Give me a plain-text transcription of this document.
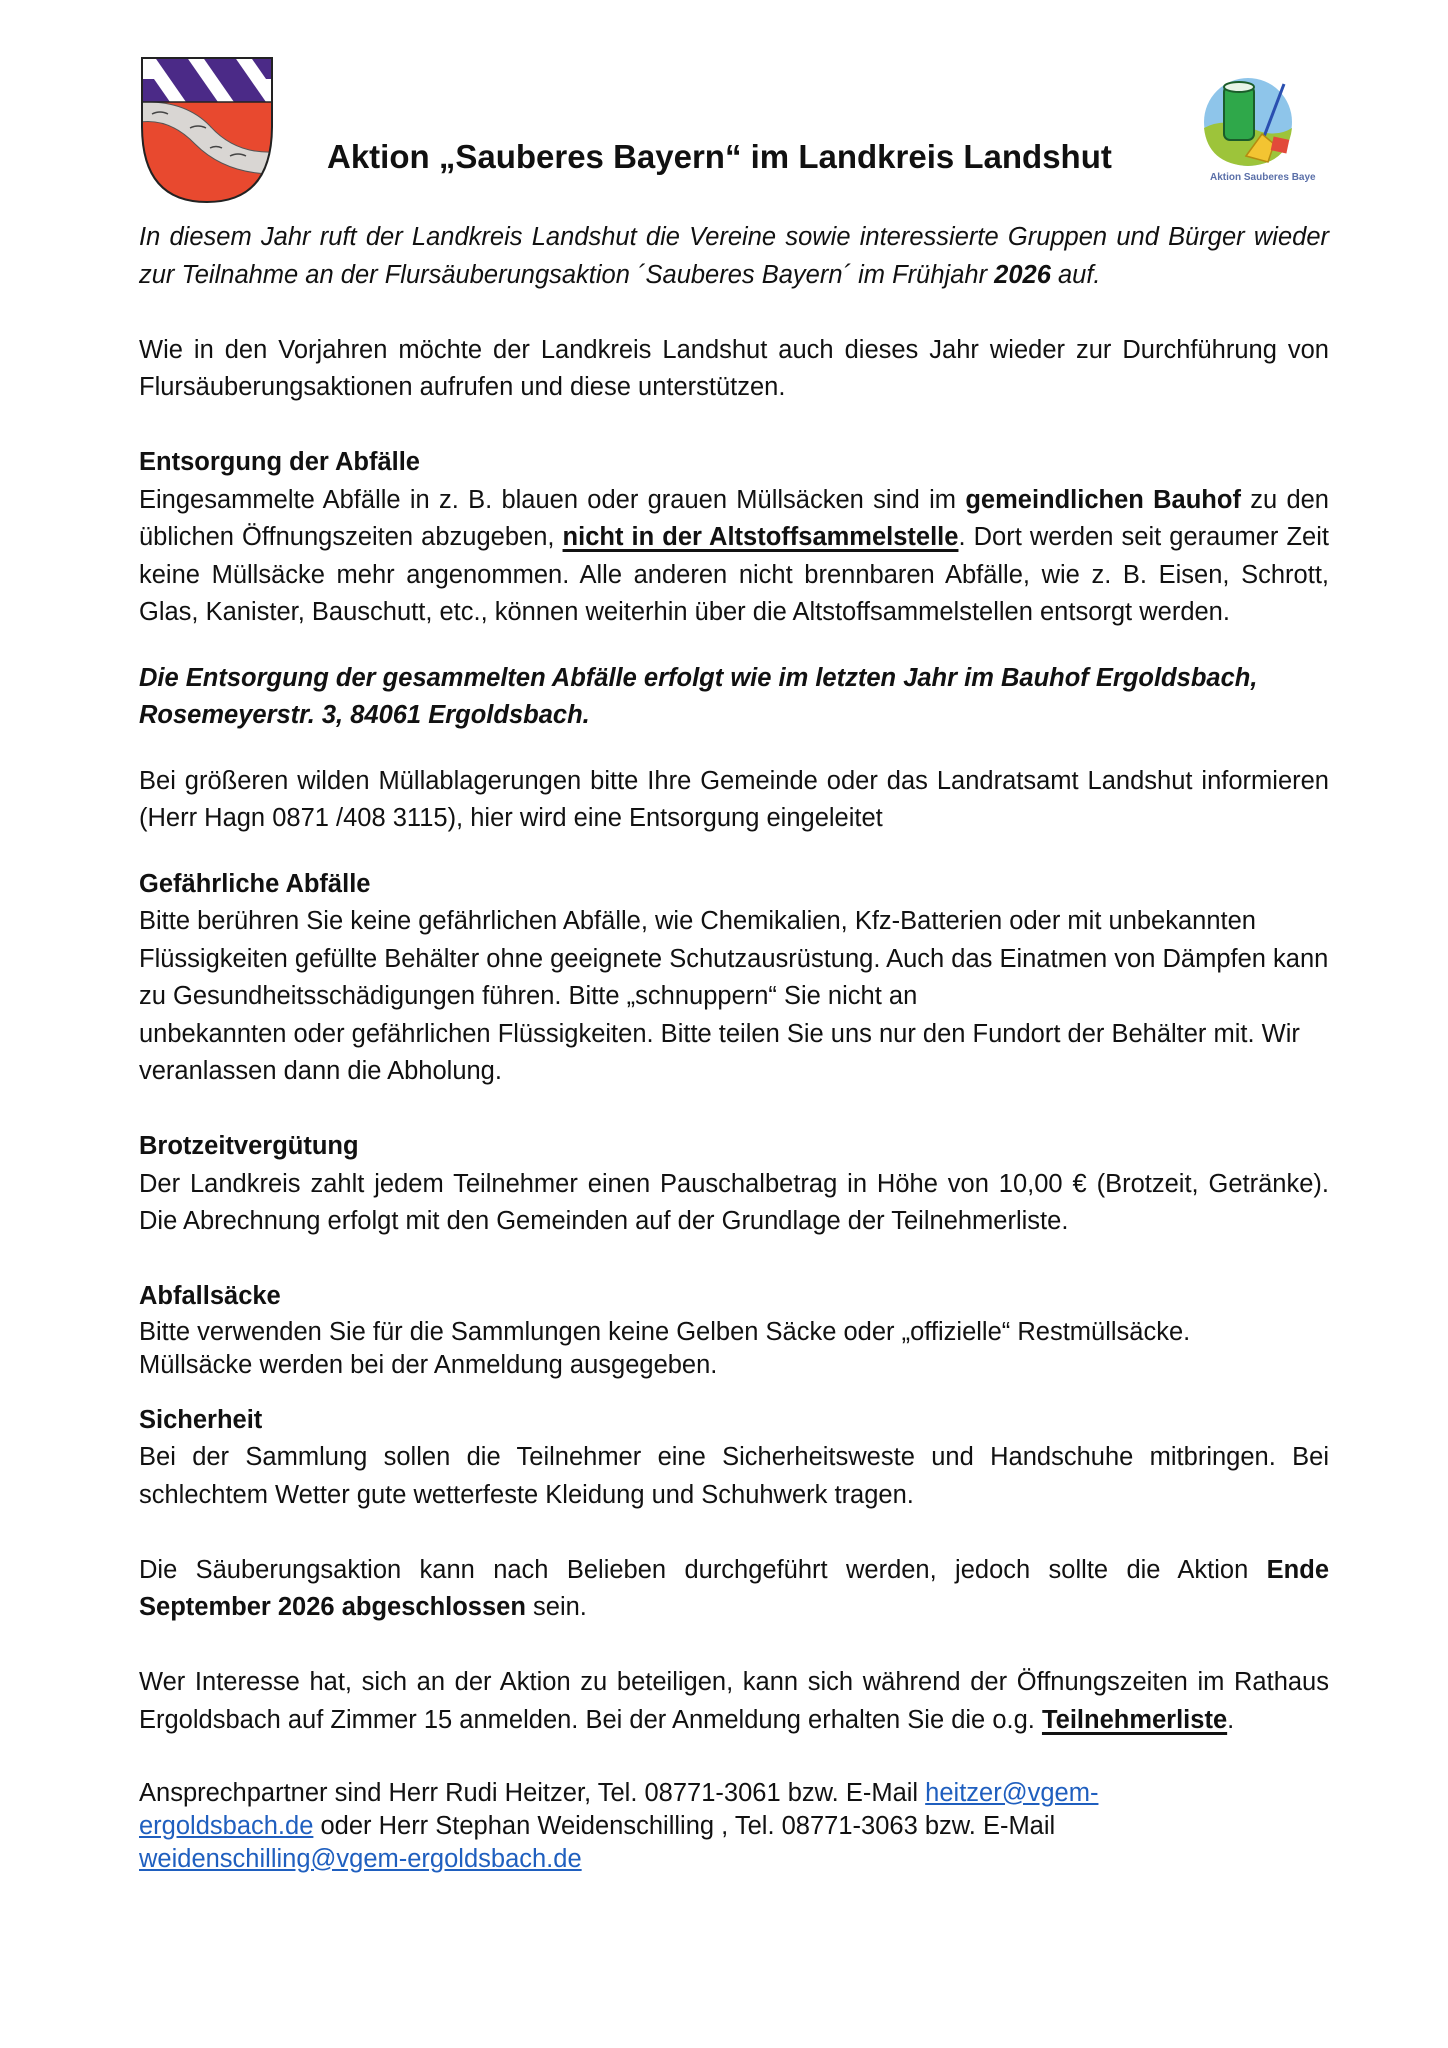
Aktion Sauberes Bayern
Aktion „Sauberes Bayern“ im Landkreis Landshut

In diesem Jahr ruft der Landkreis Landshut die Vereine sowie interessierte Gruppen und Bürger wieder zur Teilnahme an der Flursäuberungsaktion ´Sauberes Bayern´ im Frühjahr 2026 auf.

Wie in den Vorjahren möchte der Landkreis Landshut auch dieses Jahr wieder zur Durchführung von Flursäuberungsaktionen aufrufen und diese unterstützen.

Entsorgung der Abfälle

Eingesammelte Abfälle in z. B. blauen oder grauen Müllsäcken sind im gemeindlichen Bauhof zu den üblichen Öffnungszeiten abzugeben, nicht in der Altstoffsammelstelle. Dort werden seit geraumer Zeit keine Müllsäcke mehr angenommen. Alle anderen nicht brennbaren Abfälle, wie z. B. Eisen, Schrott, Glas, Kanister, Bauschutt, etc., können weiterhin über die Altstoffsammelstellen entsorgt werden.

Die Entsorgung der gesammelten Abfälle erfolgt wie im letzten Jahr im Bauhof Ergoldsbach, Rosemeyerstr. 3, 84061 Ergoldsbach.

Bei größeren wilden Müllablagerungen bitte Ihre Gemeinde oder das Landratsamt Landshut informieren (Herr Hagn 0871 /408 3115), hier wird eine Entsorgung eingeleitet

Gefährliche Abfälle

Bitte berühren Sie keine gefährlichen Abfälle, wie Chemikalien, Kfz-Batterien oder mit unbekannten Flüssigkeiten gefüllte Behälter ohne geeignete Schutzausrüstung. Auch das Einatmen von Dämpfen kann zu Gesundheitsschädigungen führen. Bitte „schnuppern“ Sie nicht an

unbekannten oder gefährlichen Flüssigkeiten. Bitte teilen Sie uns nur den Fundort der Behälter mit. Wir veranlassen dann die Abholung.

Brotzeitvergütung

Der Landkreis zahlt jedem Teilnehmer einen Pauschalbetrag in Höhe von 10,00 € (Brotzeit, Getränke). Die Abrechnung erfolgt mit den Gemeinden auf der Grundlage der Teilnehmerliste.

Abfallsäcke

Bitte verwenden Sie für die Sammlungen keine Gelben Säcke oder „offizielle“ Restmüllsäcke.

Müllsäcke werden bei der Anmeldung ausgegeben.

Sicherheit

Bei der Sammlung sollen die Teilnehmer eine Sicherheitsweste und Handschuhe mitbringen. Bei schlechtem Wetter gute wetterfeste Kleidung und Schuhwerk tragen.

Die Säuberungsaktion kann nach Belieben durchgeführt werden, jedoch sollte die Aktion Ende September 2026 abgeschlossen sein.

Wer Interesse hat, sich an der Aktion zu beteiligen, kann sich während der Öffnungszeiten im Rathaus Ergoldsbach auf Zimmer 15 anmelden. Bei der Anmeldung erhalten Sie die o.g. Teilnehmerliste.

Ansprechpartner sind Herr Rudi Heitzer, Tel. 08771-3061 bzw. E-Mail heitzer@vgem-
ergoldsbach.de oder Herr Stephan Weidenschilling , Tel. 08771-3063 bzw. E-Mail
weidenschilling@vgem-ergoldsbach.de
